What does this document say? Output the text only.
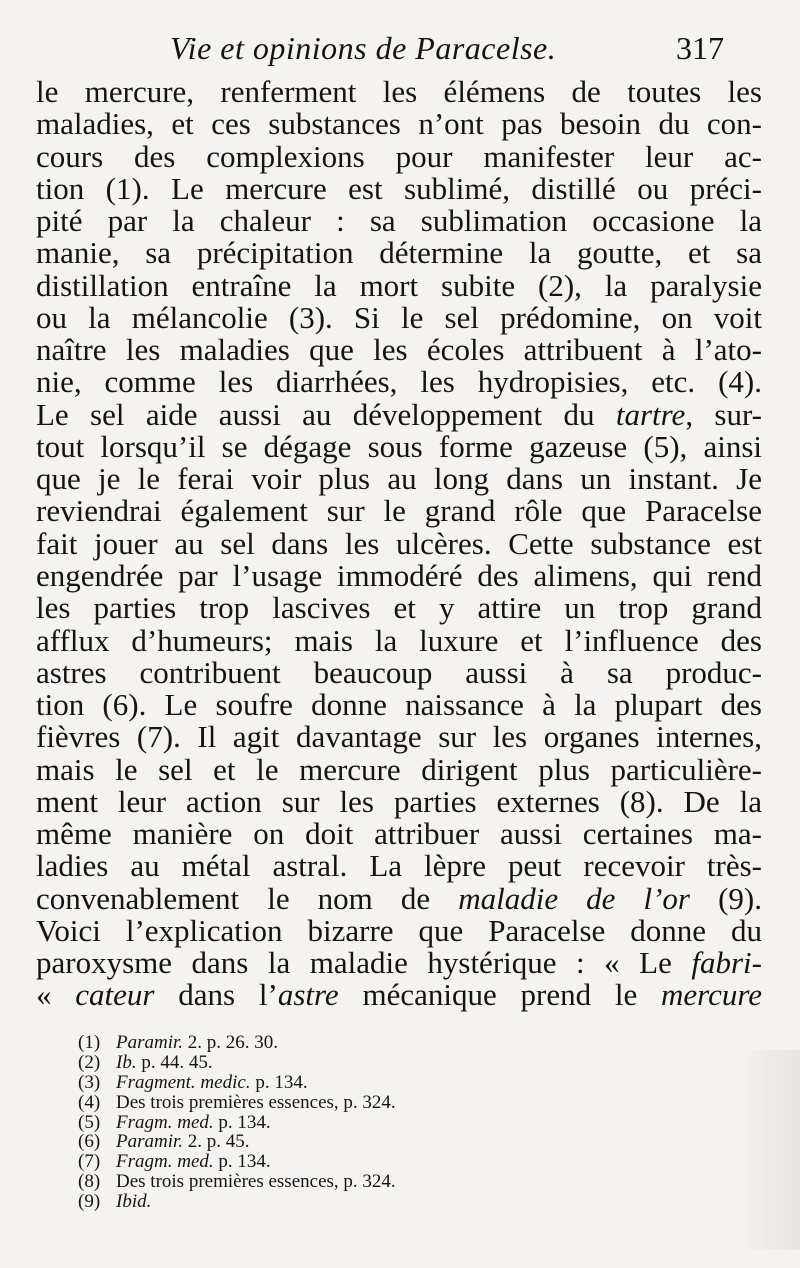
Vie et opinions de Paracelse.	317
le mercure, renferment les élémens de toutes les
maladies, et ces substances n’ont pas besoin du con-
cours des complexions pour manifester leur ac-
tion (1). Le mercure est sublimé, distillé ou préci-
pité par la chaleur : sa sublimation occasione la
manie, sa précipitation détermine la goutte, et sa
distillation entraîne la mort subite (2), la paralysie
ou la mélancolie (3). Si le sel prédomine, on voit
naître les maladies que les écoles attribuent à l’ato-
nie, comme les diarrhées, les hydropisies, etc. (4).
Le sel aide aussi au développement du tartre, sur-
tout lorsqu’il se dégage sous forme gazeuse (5), ainsi
que je le ferai voir plus au long dans un instant. Je
reviendrai également sur le grand rôle que Paracelse
fait jouer au sel dans les ulcères. Cette substance est
engendrée par l’usage immodéré des alimens, qui rend
les parties trop lascives et y attire un trop grand
afflux d’humeurs; mais la luxure et l’influence des
astres contribuent beaucoup aussi à sa produc-
tion (6). Le soufre donne naissance à la plupart des
fièvres (7). Il agit davantage sur les organes internes,
mais le sel et le mercure dirigent plus particulière-
ment leur action sur les parties externes (8). De la
même manière on doit attribuer aussi certaines ma-
ladies au métal astral. La lèpre peut recevoir très-
convenablement le nom de maladie de l’or (9).
Voici l’explication bizarre que Paracelse donne du
paroxysme dans la maladie hystérique : « Le fabri-
« cateur dans l’astre mécanique prend le mercure
(1) Paramir. 2. p. 26. 30.
(2) Ib. p. 44. 45.
(3) Fragment. medic. p. 134.
(4) Des trois premières essences, p. 324.
(5) Fragm. med. p. 134.
(6) Paramir. 2. p. 45.
(7) Fragm. med. p. 134.
(8) Des trois premières essences, p. 324.
(9) Ibid.
